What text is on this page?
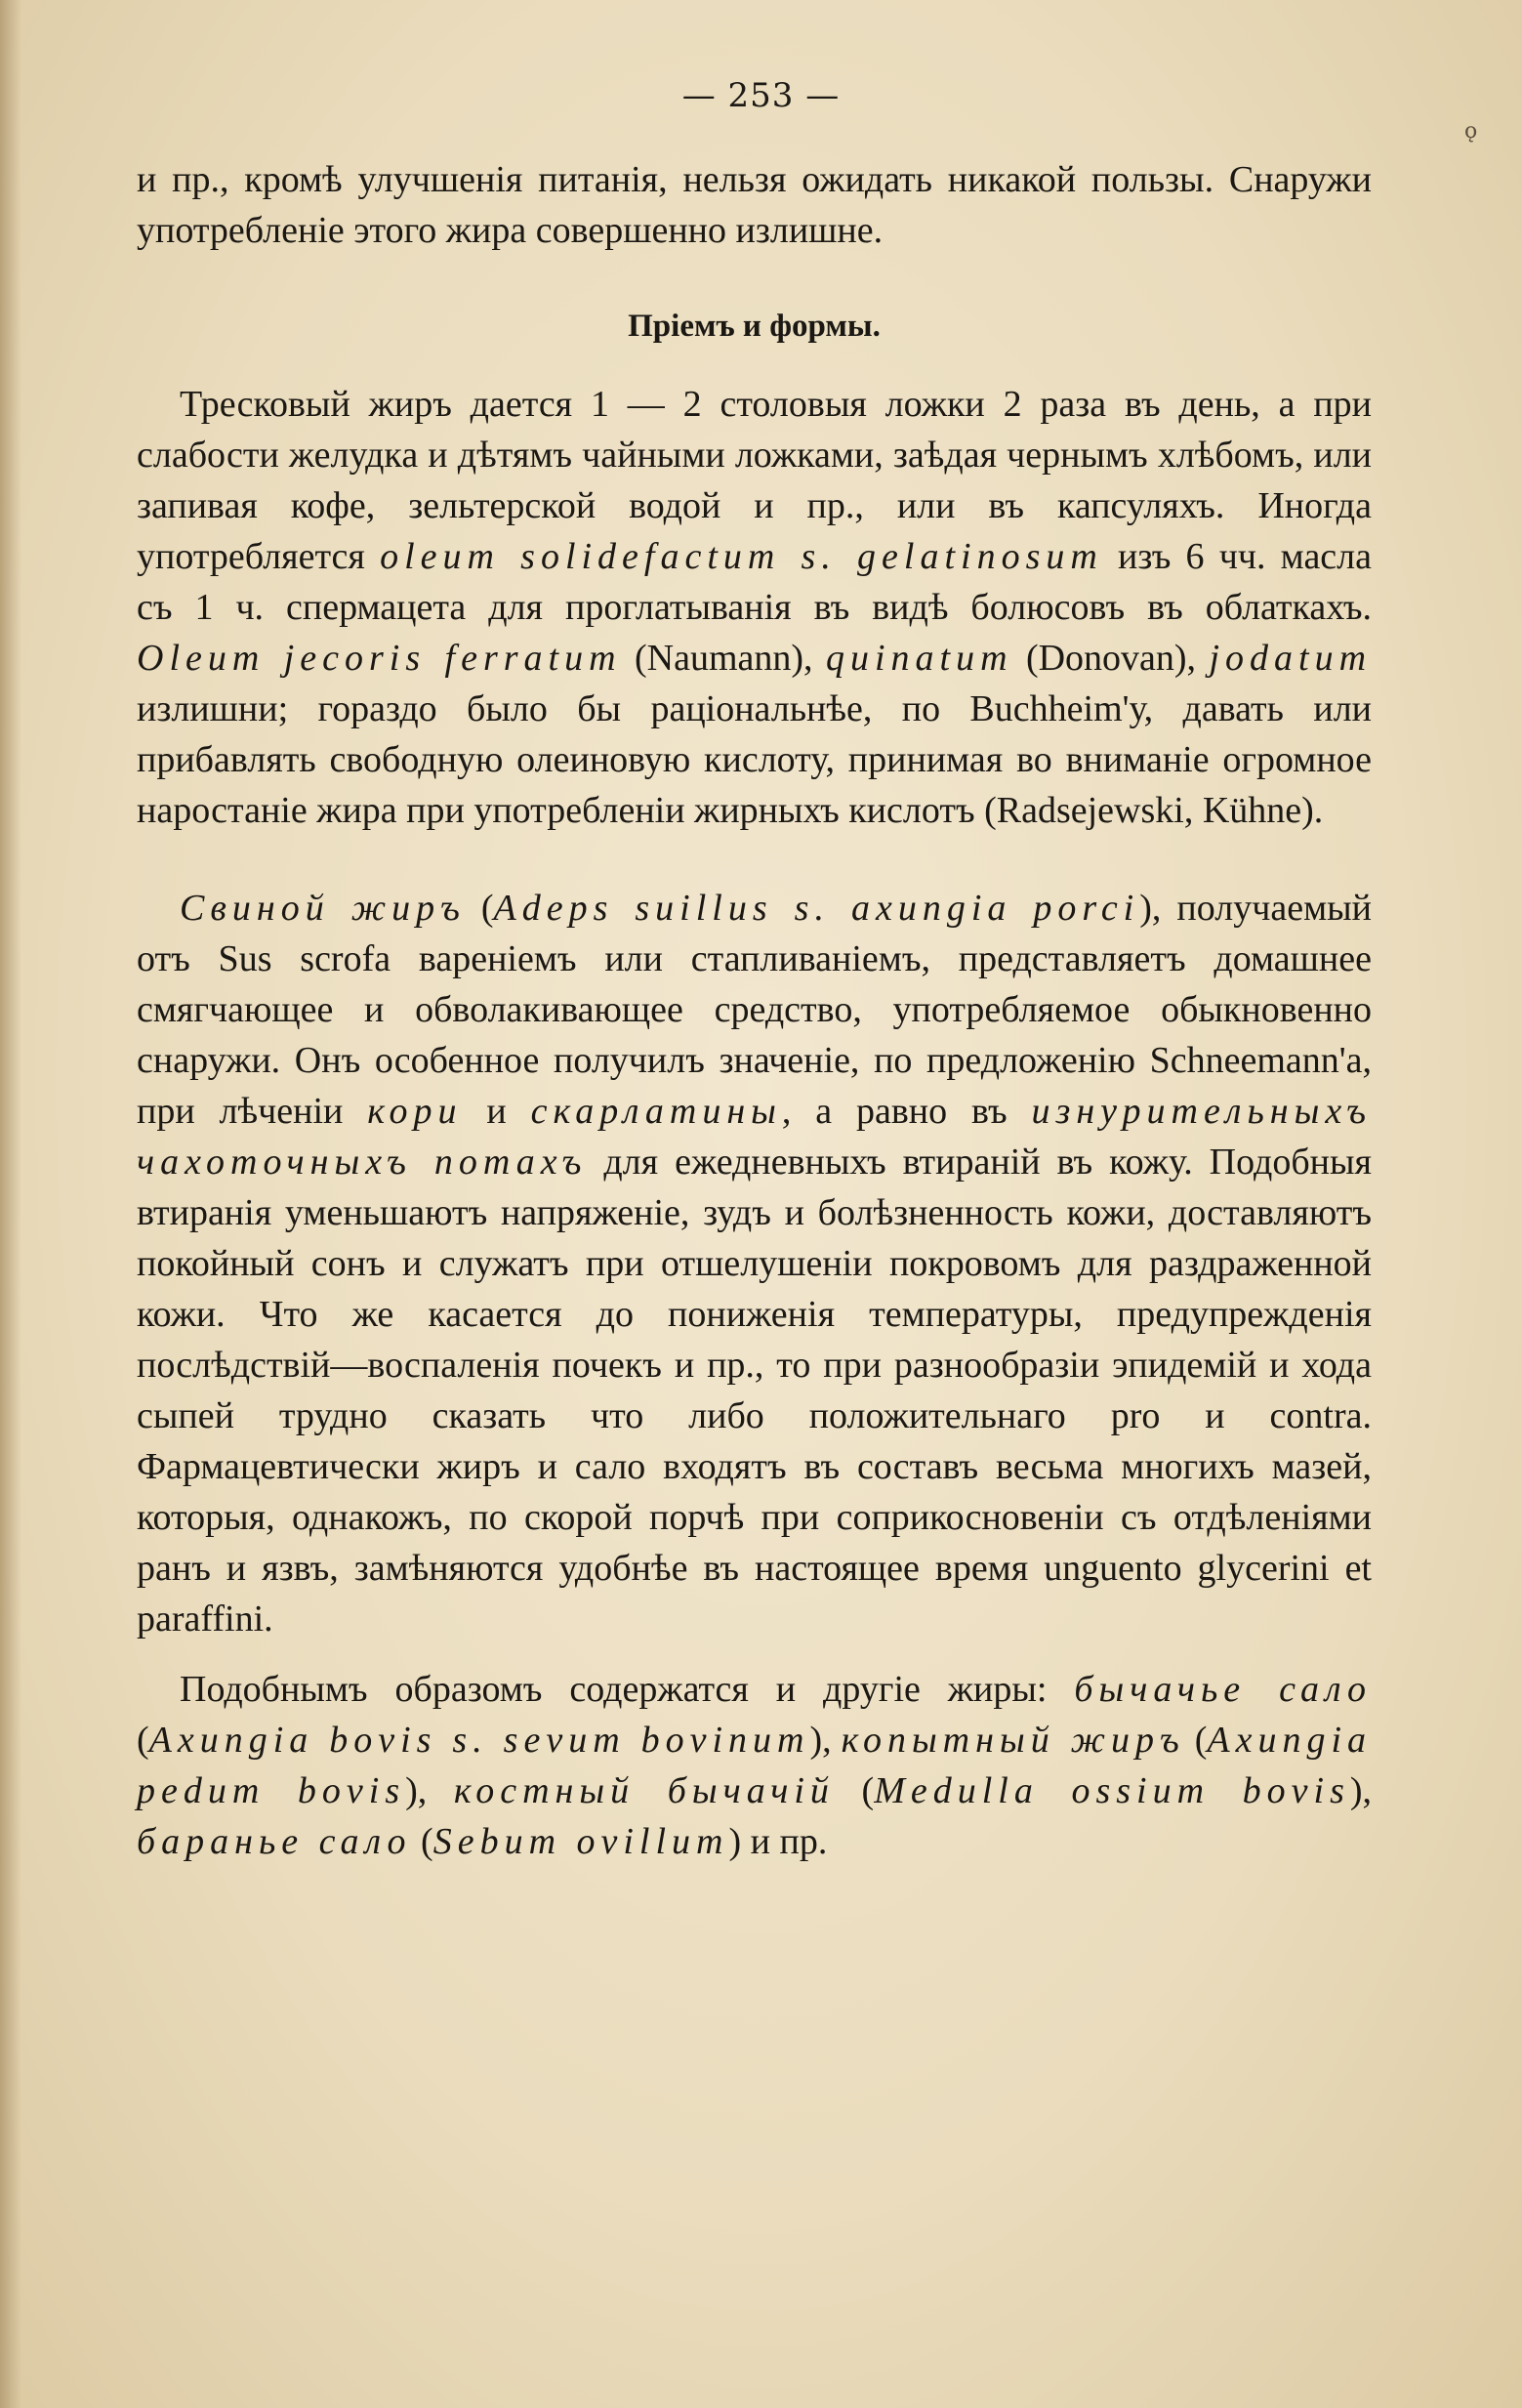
— 253 —
ǫ

и пр., кромѣ улучшенія питанія, нельзя ожидать никакой пользы. Снаружи употребленіе этого жира совершенно излишне.

Пріемъ и формы.

Тресковый жиръ дается 1 — 2 столовыя ложки 2 раза въ день, а при слабости желудка и дѣтямъ чайными ложками, заѣдая чернымъ хлѣбомъ, или запивая кофе, зельтерской водой и пр., или въ капсуляхъ. Иногда употребляется oleum solidefactum s. gelatinosum изъ 6 чч. масла съ 1 ч. спермацета для проглатыванія въ видѣ болюсовъ въ облаткахъ. Oleum jecoris ferratum (Naumann), quinatum (Donovan), jodatum излишни; гораздо было бы раціональнѣе, по Buchheim'у, давать или прибавлять свободную олеиновую кислоту, принимая во вниманіе огромное наростаніе жира при употребленіи жирныхъ кислотъ (Radsejewski, Kühne).

Свиной жиръ (Adeps suillus s. axungia porci), получаемый отъ Sus scrofa вареніемъ или стапливаніемъ, представляетъ домашнее смягчающее и обволакивающее средство, употребляемое обыкновенно снаружи. Онъ особенное получилъ значеніе, по предложенію Schneemann'а, при лѣченіи кори и скарлатины, а равно въ изнурительныхъ чахоточныхъ потахъ для ежедневныхъ втираній въ кожу. Подобныя втиранія уменьшаютъ напряженіе, зудъ и болѣзненность кожи, доставляютъ покойный сонъ и служатъ при отшелушеніи покровомъ для раздраженной кожи. Что же касается до пониженія температуры, предупрежденія послѣдствій—воспаленія почекъ и пр., то при разнообразіи эпидемій и хода сыпей трудно сказать что либо положительнаго pro и contra. Фармацевтически жиръ и сало входятъ въ составъ весьма многихъ мазей, которыя, однакожъ, по скорой порчѣ при соприкосновеніи съ отдѣленіями ранъ и язвъ, замѣняются удобнѣе въ настоящее время unguento glycerini et paraffini.

Подобнымъ образомъ содержатся и другіе жиры: бычачье сало (Axungia bovis s. sevum bovinum), копытный жиръ (Axungia pedum bovis), костный бычачій (Medulla ossium bovis), баранье сало (Sebum ovillum) и пр.
